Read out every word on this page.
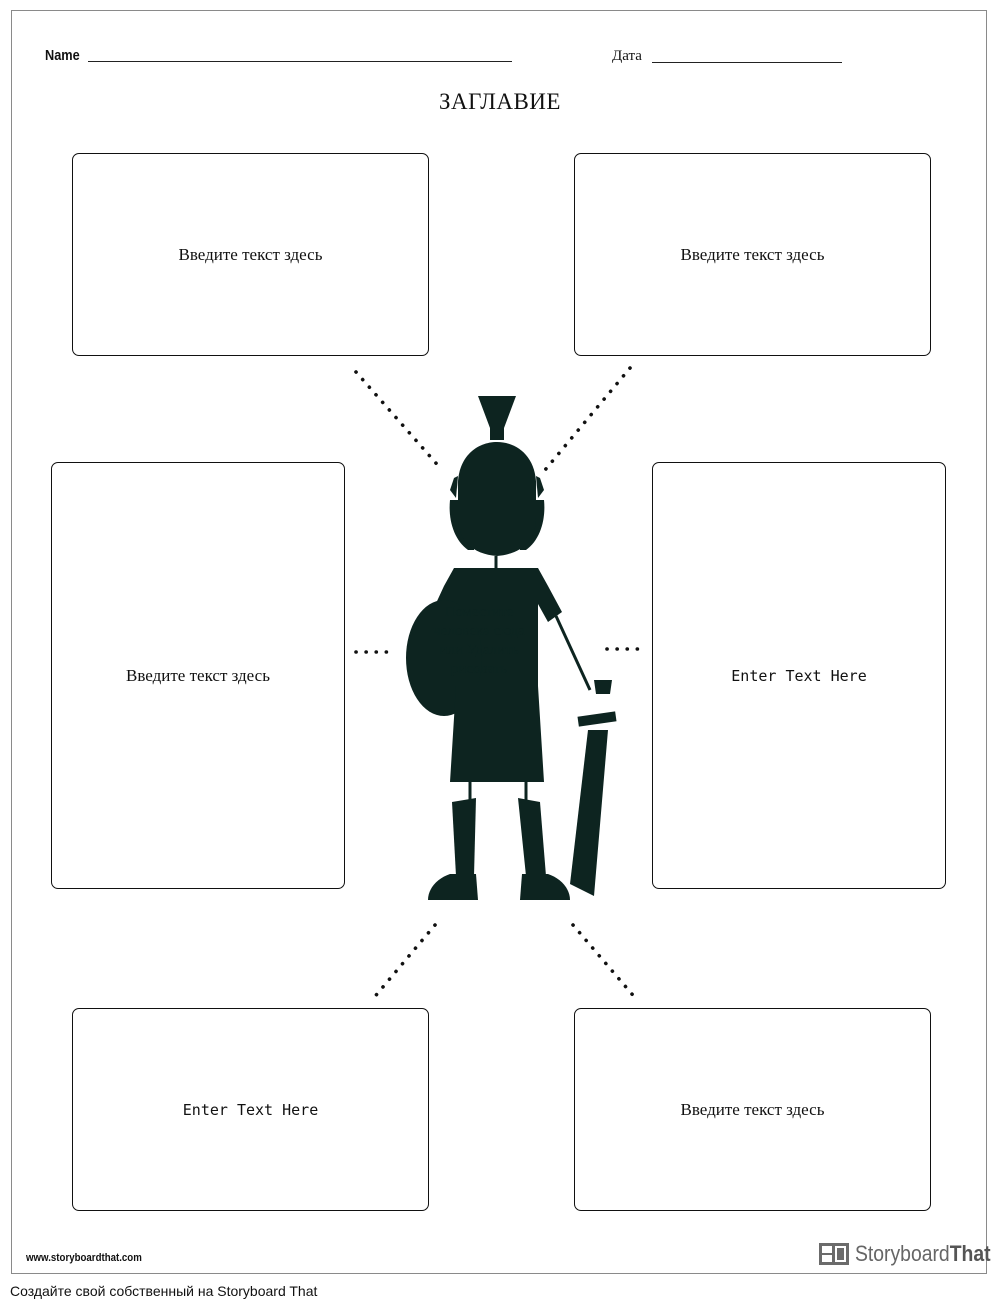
Name	Дата
ЗАГЛАВИЕ
Введите текст здесь	Введите текст здесь
Введите текст здесь	Enter Text Here
Enter Text Here	Введите текст здесь
www.storyboardthat.com	StoryboardThat
Поместите человека сюда или Удалить рисовать
Создайте свой собственный на Storyboard That
